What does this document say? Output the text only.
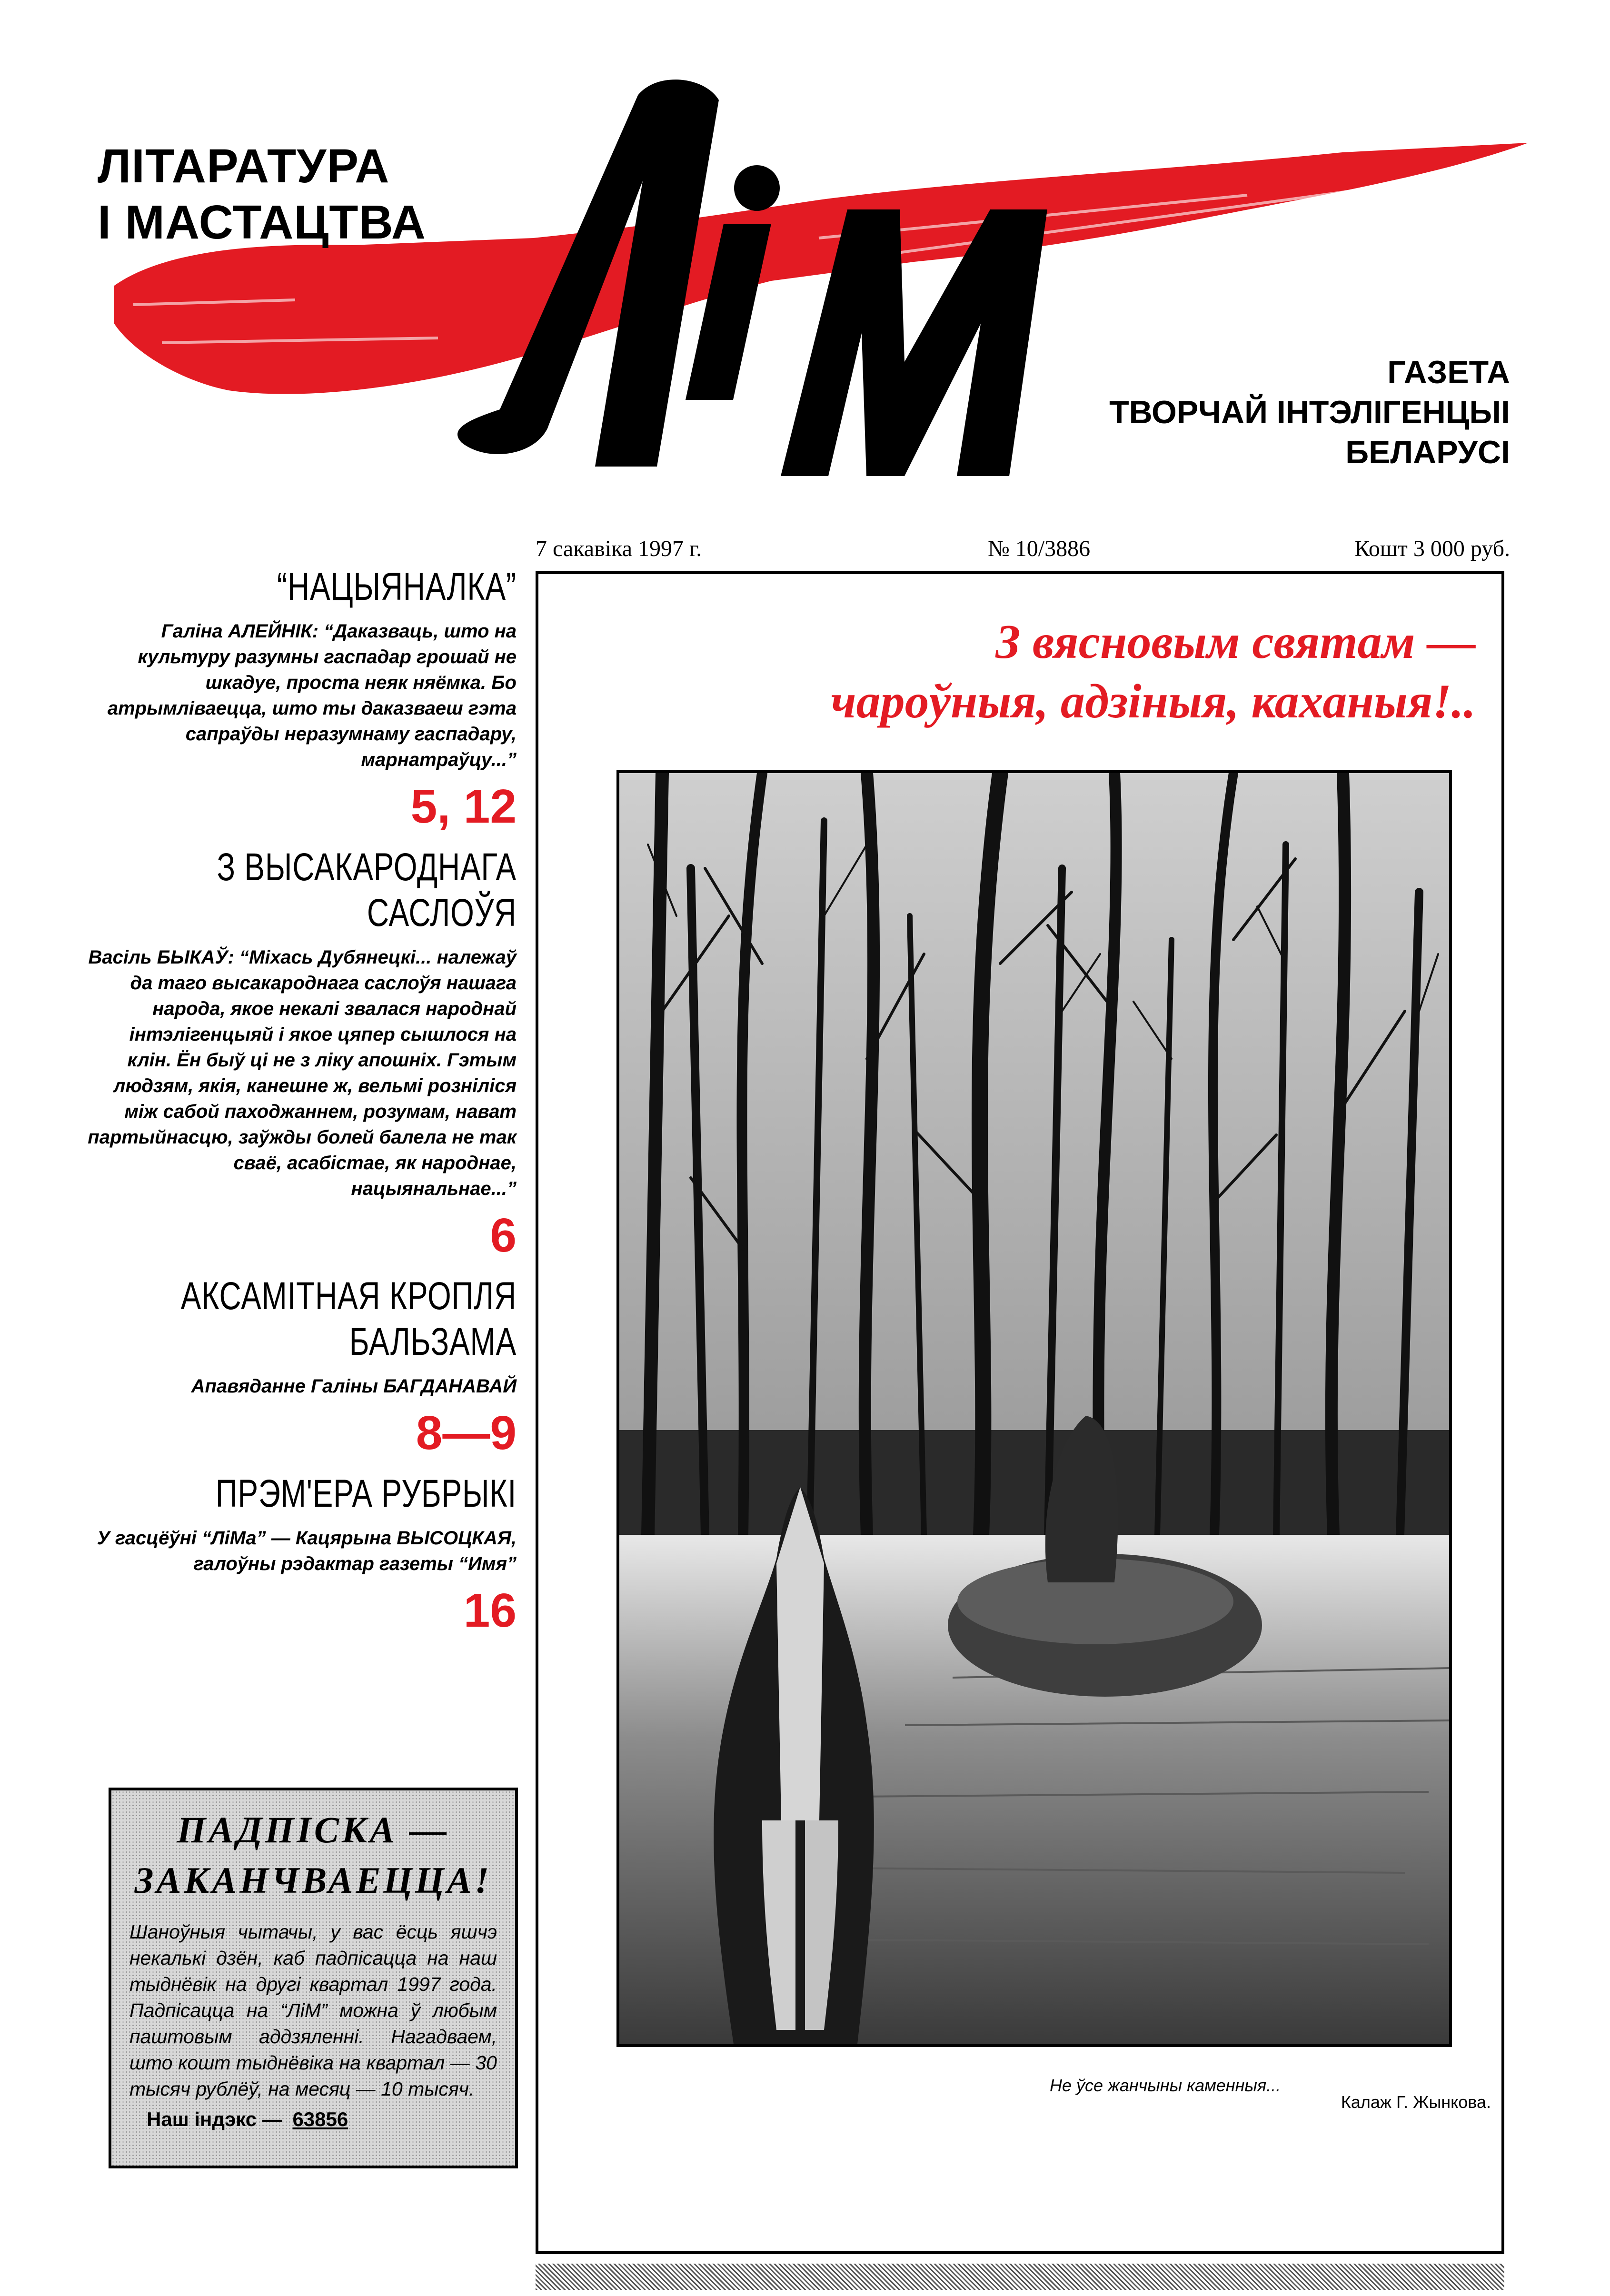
ЛІТАРАТУРА
І МАСТАЦТВА
ЛіМ
ГАЗЕТА
ТВОРЧАЙ ІНТЭЛІГЕНЦЫІ
БЕЛАРУСІ
7 сакавіка 1997 г.	№ 10/3886	Кошт 3 000 руб.
“НАЦЫЯНАЛКА”
Галіна АЛЕЙНІК: “Даказваць, што на культуру разумны гаспадар грошай не шкадуе, проста неяк няёмка. Бо атрымліваецца, што ты даказваеш гэта сапраўды неразумнаму гаспадару, марнатраўцу...”
5, 12
З ВЫСАКАРОДНАГА САСЛОЎЯ
Васіль БЫКАЎ: “Міхась Дубянецкі... належаў да таго высакароднага саслоўя нашага народа, якое некалі звалася народнай інтэлігенцыяй і якое цяпер сышлося на клін. Ён быў ці не з ліку апошніх. Гэтым людзям, якія, канешне ж, вельмі розніліся між сабой паходжаннем, розумам, нават партыйнасцю, заўжды болей балела не так сваё, асабістае, як народнае, нацыянальнае...”
6
АКСАМІТНАЯ КРОПЛЯ БАЛЬЗАМА
Апавяданне Галіны БАГДАНАВАЙ
8—9
ПРЭМ'ЕРА РУБРЫКІ
У гасцёўні “ЛіМа” — Кацярына ВЫСОЦКАЯ, галоўны рэдактар газеты “Имя”
16
ПАДПІСКА —
ЗАКАНЧВАЕЦЦА!
Шаноўныя чытачы, у вас ёсць яшчэ некалькі дзён, каб падпісацца на наш тыднёвік на другі квартал 1997 года. Падпісацца на “ЛіМ” можна ў любым паштовым аддзяленні. Нагадваем, што кошт тыднёвіка на квартал — 30 тысяч рублёў, на месяц — 10 тысяч.
Наш індэкс — 63856
З вясновым святам —
чароўныя, адзіныя, каханыя!..
Не ўсе жанчыны каменныя...
Калаж Г. Жынкова.
